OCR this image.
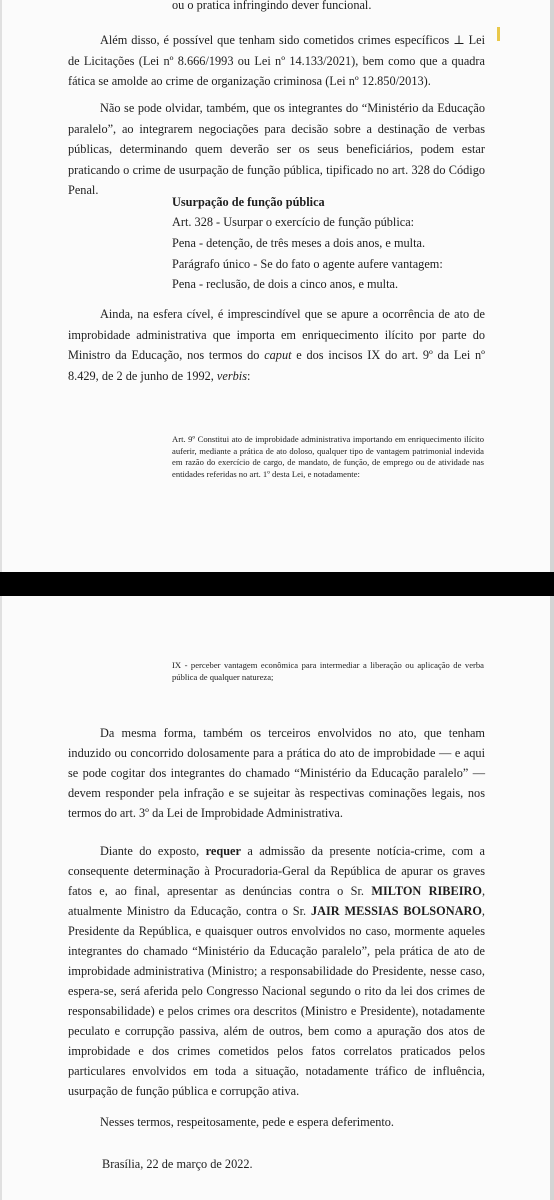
ou o pratica infringindo dever funcional.

Além disso, é possível que tenham sido cometidos crimes específicos ⊥ Lei de Licitações (Lei nº 8.666/1993 ou Lei nº 14.133/2021), bem como que a quadra fática se amolde ao crime de organização criminosa (Lei nº 12.850/2013).

Não se pode olvidar, também, que os integrantes do “Ministério da Educação paralelo”, ao integrarem negociações para decisão sobre a destinação de verbas públicas, determinando quem deverão ser os seus beneficiários, podem estar praticando o crime de usurpação de função pública, tipificado no art. 328 do Código Penal.

Usurpação de função pública

Art. 328 - Usurpar o exercício de função pública:

Pena - detenção, de três meses a dois anos, e multa.

Parágrafo único - Se do fato o agente aufere vantagem:

Pena - reclusão, de dois a cinco anos, e multa.

Ainda, na esfera cível, é imprescindível que se apure a ocorrência de ato de improbidade administrativa que importa em enriquecimento ilícito por parte do Ministro da Educação, nos termos do caput e dos incisos IX do art. 9º da Lei nº 8.429, de 2 de junho de 1992, verbis:

Art. 9º Constitui ato de improbidade administrativa importando em enriquecimento ilícito auferir, mediante a prática de ato doloso, qualquer tipo de vantagem patrimonial indevida em razão do exercício de cargo, de mandato, de função, de emprego ou de atividade nas entidades referidas no art. 1º desta Lei, e notadamente:

IX - perceber vantagem econômica para intermediar a liberação ou aplicação de verba pública de qualquer natureza;

Da mesma forma, também os terceiros envolvidos no ato, que tenham induzido ou concorrido dolosamente para a prática do ato de improbidade — e aqui se pode cogitar dos integrantes do chamado “Ministério da Educação paralelo” — devem responder pela infração e se sujeitar às respectivas cominações legais, nos termos do art. 3º da Lei de Improbidade Administrativa.

Diante do exposto, requer a admissão da presente notícia-crime, com a consequente determinação à Procuradoria-Geral da República de apurar os graves fatos e, ao final, apresentar as denúncias contra o Sr. MILTON RIBEIRO, atualmente Ministro da Educação, contra o Sr. JAIR MESSIAS BOLSONARO, Presidente da República, e quaisquer outros envolvidos no caso, mormente aqueles integrantes do chamado “Ministério da Educação paralelo”, pela prática de ato de improbidade administrativa (Ministro; a responsabilidade do Presidente, nesse caso, espera-se, será aferida pelo Congresso Nacional segundo o rito da lei dos crimes de responsabilidade) e pelos crimes ora descritos (Ministro e Presidente), notadamente peculato e corrupção passiva, além de outros, bem como a apuração dos atos de improbidade e dos crimes cometidos pelos fatos correlatos praticados pelos particulares envolvidos em toda a situação, notadamente tráfico de influência, usurpação de função pública e corrupção ativa.

Nesses termos, respeitosamente, pede e espera deferimento.

Brasília, 22 de março de 2022.
